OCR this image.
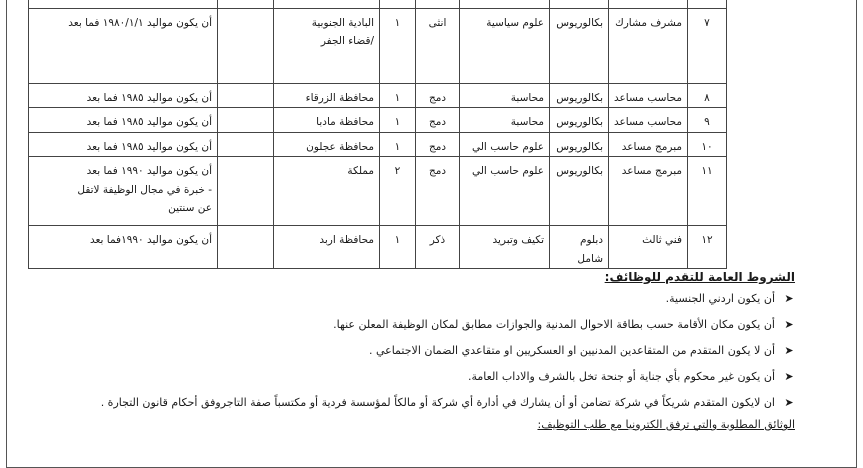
٧	مشرف مشارك	بكالوريوس	علوم سياسية	انثى	١	البادية الجنوبية
/قضاء الجفر		أن يكون مواليد ١٩٨٠/١/١ فما بعد

٨	محاسب مساعد	بكالوريوس	محاسبة	دمج	١	محافظة الزرقاء		أن يكون مواليد ١٩٨٥ فما بعد

٩	محاسب مساعد	بكالوريوس	محاسبة	دمج	١	محافظة مادبا		أن يكون مواليد ١٩٨٥ فما بعد

١٠	مبرمج مساعد	بكالوريوس	علوم حاسب الي	دمج	١	محافظة عجلون		أن يكون مواليد ١٩٨٥ فما بعد

١١	مبرمج مساعد	بكالوريوس	علوم حاسب الي	دمج	٢	مملكة		أن يكون مواليد ١٩٩٠ فما بعد
- خبرة في مجال الوظيفة لاتقل
عن سنتين

١٢	فني ثالث	دبلوم شامل	تكيف وتبريد	ذكر	١	محافظة اربد		أن يكون مواليد ١٩٩٠فما بعد
الشروط العامة للتقدم للوظائف:
➤أن يكون اردني الجنسية.
➤أن يكون مكان الأقامة حسب بطاقة الاحوال المدنية والجوازات مطابق لمكان الوظيفة المعلن عنها.
➤أن لا يكون المتقدم من المتقاعدين المدنيين او العسكريين او متقاعدي الضمان الاجتماعي .
➤أن يكون غير محكوم بأي جناية أو جنحة تخل بالشرف والاداب العامة.
➤ان لايكون المتقدم شريكاً في شركة تضامن أو أن يشارك في أدارة أي شركة أو مالكاً لمؤسسة فردية أو مكتسباً صفة التاجروفق أحكام قانون التجارة .
الوثائق المطلوبة والتي ترفق الكترونيا مع طلب التوظيف:
